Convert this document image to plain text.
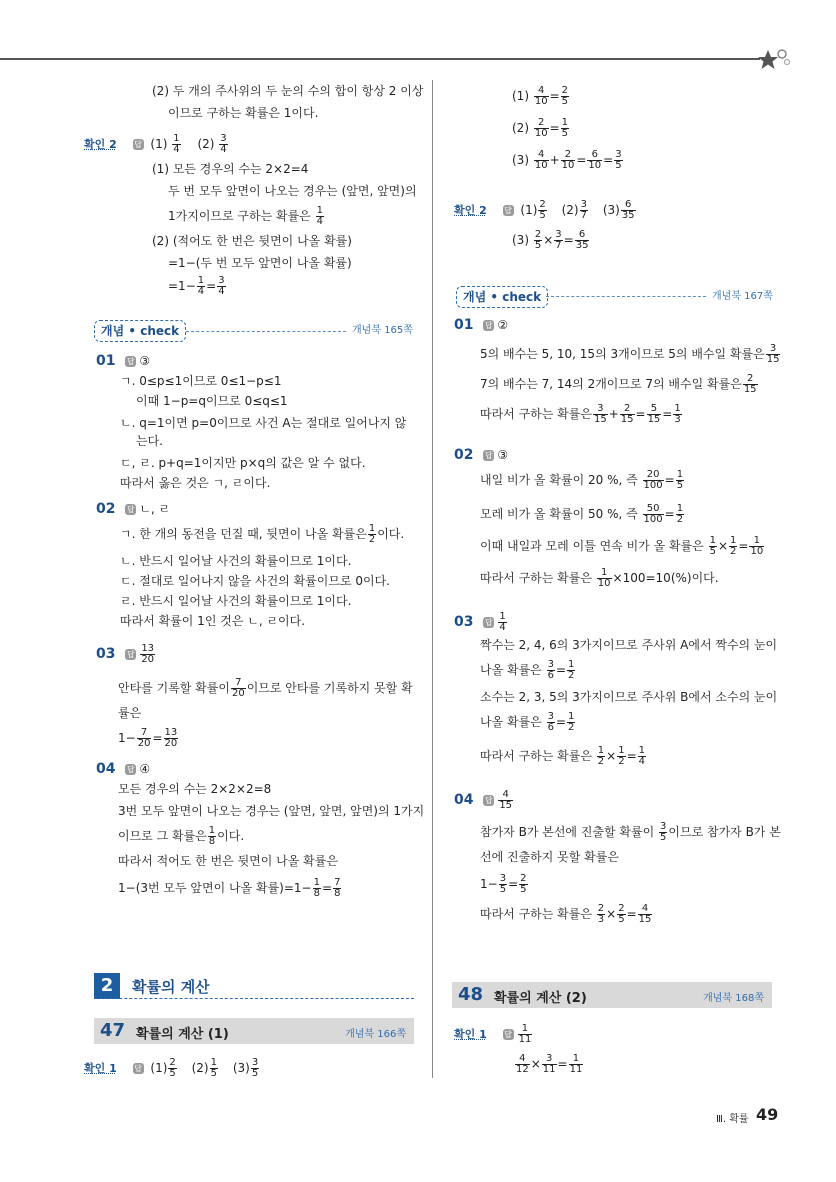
(2) 두 개의 주사위의 두 눈의 수의 합이 항상 2 이상
이므로 구하는 확률은 1이다.
확인 2 답 $(1) \frac{1}{4} (2) \frac{3}{4}$
(1) 모든 경우의 수는 2×2=4
두 번 모두 앞면이 나오는 경우는 (앞면, 앞면)의
1가지이므로 구하는 확률은 $\frac{1}{4}$
(2) (적어도 한 번은 뒷면이 나올 확률)
=1−(두 번 모두 앞면이 나올 확률)
$=1- \frac{1}{4} = \frac{3}{4}$
개념 • check	개념북 165쪽
01 답 ③
ㄱ. 0≤p≤1이므로 0≤1−p≤1
이때 1−p=q이므로 0≤q≤1
ㄴ. q=1이면 p=0이므로 사건 A는 절대로 일어나지 않
는다.
ㄷ, ㄹ. p+q=1이지만 p×q의 값은 알 수 없다.
따라서 옳은 것은 ㄱ, ㄹ이다.
02 답 ㄴ, ㄹ
ㄱ. 한 개의 동전을 던질 때, 뒷면이 나올 확률은 $\frac{1}{2}$ 이다.
ㄴ. 반드시 일어날 사건의 확률이므로 1이다.
ㄷ. 절대로 일어나지 않을 사건의 확률이므로 0이다.
ㄹ. 반드시 일어날 사건의 확률이므로 1이다.
따라서 확률이 1인 것은 ㄴ, ㄹ이다.
03 답 $\frac{13}{20}$
안타를 기록할 확률이 $\frac{7}{20}$ 이므로 안타를 기록하지 못할 확
률은
$1- \frac{7}{20} = \frac{13}{20}$
04 답 ④
모든 경우의 수는 2×2×2=8
3번 모두 앞면이 나오는 경우는 (앞면, 앞면, 앞면)의 1가지
이므로 그 확률은 $\frac{1}{8}$ 이다.
따라서 적어도 한 번은 뒷면이 나올 확률은
1−(3번 모두 앞면이 나올 확률)$=1- \frac{1}{8} = \frac{7}{8}$
2	확률의 계산
47 확률의 계산 (1)	개념북 166쪽
확인 1 답 $(1) \frac{2}{5} (2) \frac{1}{5} (3) \frac{3}{5}$
$(1) \frac{4}{10} = \frac{2}{5}$
$(2) \frac{2}{10} = \frac{1}{5}$
$(3) \frac{4}{10} + \frac{2}{10} = \frac{6}{10} = \frac{3}{5}$
확인 2 답 $(1) \frac{2}{5} (2) \frac{3}{7} (3) \frac{6}{35}$
$(3) \frac{2}{5} \times \frac{3}{7} = \frac{6}{35}$
개념 • check	개념북 167쪽
01 답 ②
5의 배수는 5, 10, 15의 3개이므로 5의 배수일 확률은 $\frac{3}{15}$
7의 배수는 7, 14의 2개이므로 7의 배수일 확률은 $\frac{2}{15}$
따라서 구하는 확률은 $\frac{3}{15} + \frac{2}{15} = \frac{5}{15} = \frac{1}{3}$
02 답 ③
내일 비가 올 확률이 20 %, 즉 $\frac{20}{100} = \frac{1}{5}$
모레 비가 올 확률이 50 %, 즉 $\frac{50}{100} = \frac{1}{2}$
이때 내일과 모레 이틀 연속 비가 올 확률은 $\frac{1}{5} \times \frac{1}{2} = \frac{1}{10}$
따라서 구하는 확률은 $\frac{1}{10} \times 100=10(\%)$이다.
03 답 $\frac{1}{4}$
짝수는 2, 4, 6의 3가지이므로 주사위 A에서 짝수의 눈이
나올 확률은 $\frac{3}{6} = \frac{1}{2}$
소수는 2, 3, 5의 3가지이므로 주사위 B에서 소수의 눈이
나올 확률은 $\frac{3}{6} = \frac{1}{2}$
따라서 구하는 확률은 $\frac{1}{2} \times \frac{1}{2} = \frac{1}{4}$
04 답 $\frac{4}{15}$
참가자 B가 본선에 진출할 확률이 $\frac{3}{5}$ 이므로 참가자 B가 본
선에 진출하지 못할 확률은
$1- \frac{3}{5} = \frac{2}{5}$
따라서 구하는 확률은 $\frac{2}{3} \times \frac{2}{5} = \frac{4}{15}$
48 확률의 계산 (2)	개념북 168쪽
확인 1 답 $\frac{1}{11}$
$\frac{4}{12} \times \frac{3}{11} = \frac{1}{11}$
Ⅲ. 확률 49
